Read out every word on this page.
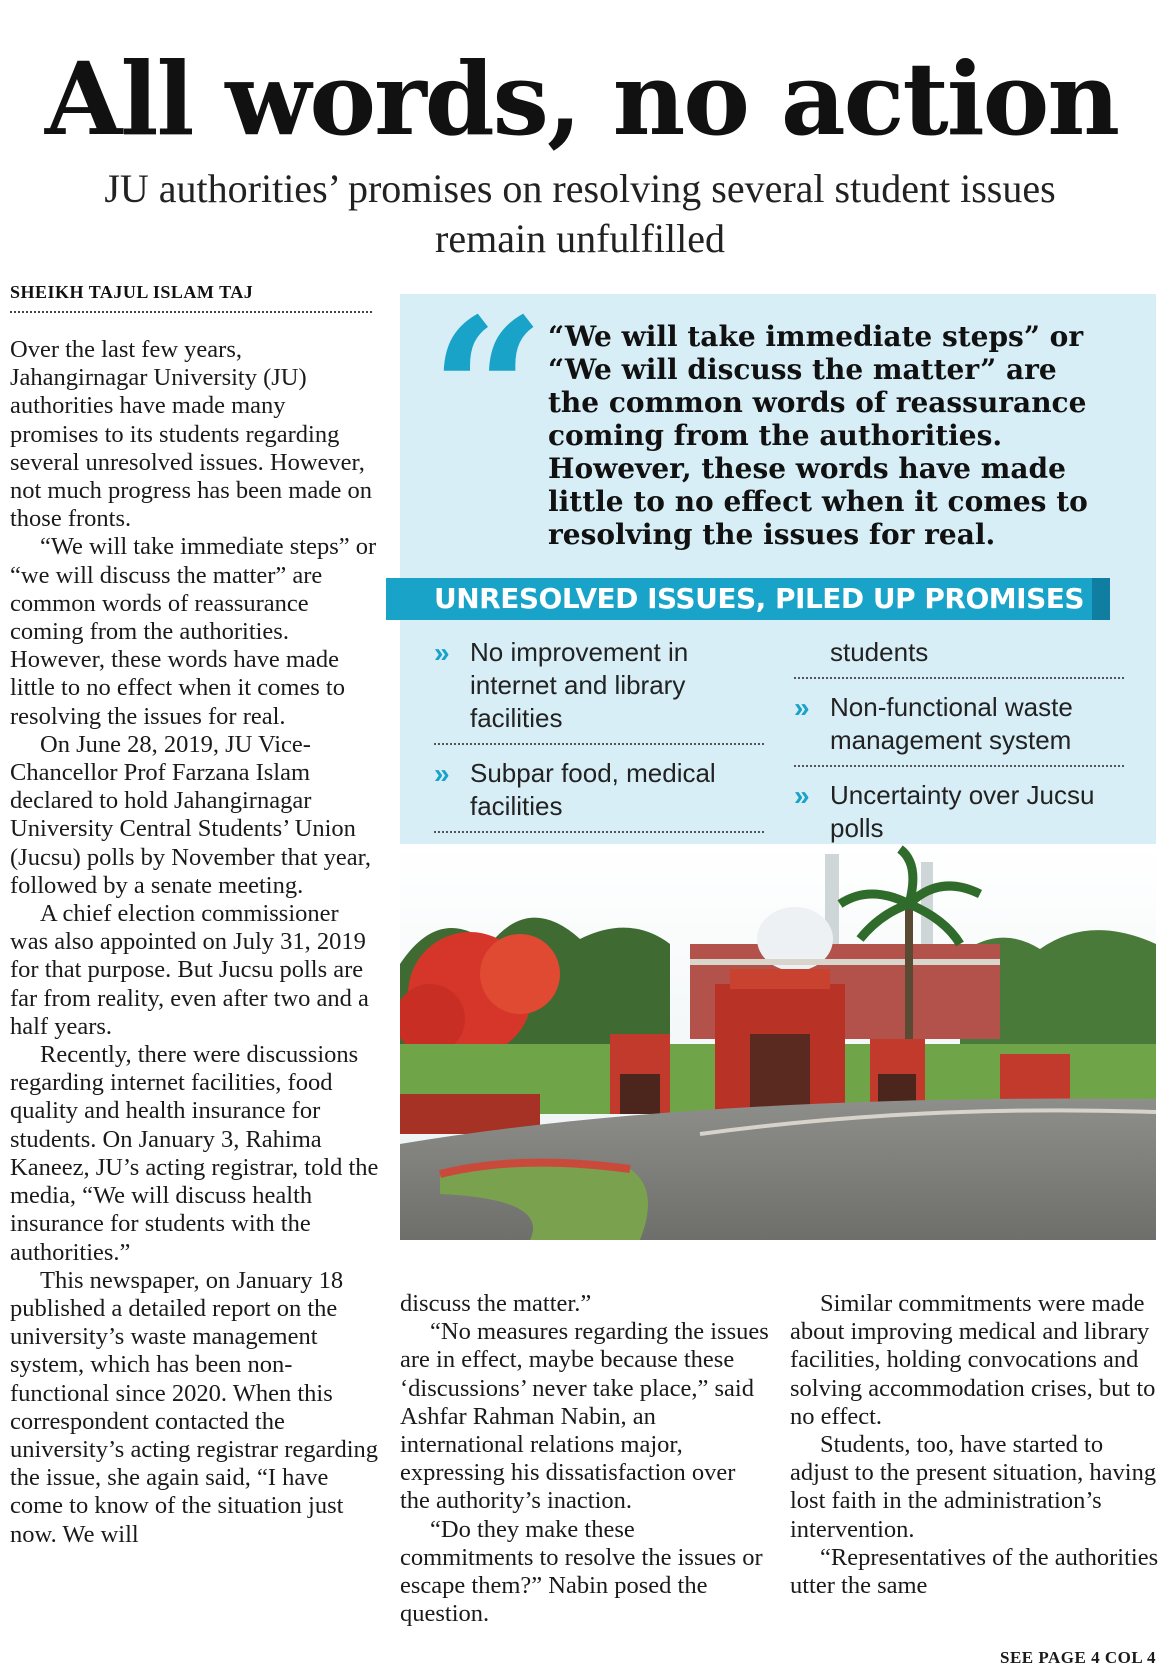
All words, no action
JU authorities’ promises on resolving several student issues remain unfulfilled
SHEIKH TAJUL ISLAM TAJ

Over the last few years, Jahangirnagar University (JU) authorities have made many promises to its students regarding several unresolved issues. However, not much progress has been made on those fronts.

“We will take immediate steps” or “we will discuss the matter” are common words of reassurance coming from the authorities. However, these words have made little to no effect when it comes to resolving the issues for real.

On June 28, 2019, JU Vice-Chancellor Prof Farzana Islam declared to hold Jahangirnagar University Central Students’ Union (Jucsu) polls by November that year, followed by a senate meeting.

A chief election commissioner was also appointed on July 31, 2019 for that purpose. But Jucsu polls are far from reality, even after two and a half years.

Recently, there were discussions regarding internet facilities, food quality and health insurance for students. On January 3, Rahima Kaneez, JU’s acting registrar, told the media, “We will discuss health insurance for students with the authorities.”

This newspaper, on January 18 published a detailed report on the university’s waste management system, which has been non-functional since 2020. When this correspondent contacted the university’s acting registrar regarding the issue, she again said, “I have come to know of the situation just now. We will

“ “We will take immediate steps” or “We will discuss the matter” are the common words of reassurance coming from the authorities. However, these words have made little to no effect when it comes to resolving the issues for real.
UNRESOLVED ISSUES, PILED UP PROMISES
» No improvement in internet and library facilities
» Subpar food, medical facilities
students
» Non-functional waste management system
» Uncertainty over Jucsu polls

discuss the matter.”

“No measures regarding the issues are in effect, maybe because these ‘discussions’ never take place,” said Ashfar Rahman Nabin, an international relations major, expressing his dissatisfaction over the authority’s inaction.

“Do they make these commitments to resolve the issues or escape them?” Nabin posed the question.

Similar commitments were made about improving medical and library facilities, holding convocations and solving accommodation crises, but to no effect.

Students, too, have started to adjust to the present situation, having lost faith in the administration’s intervention.

“Representatives of the authorities utter the same

SEE PAGE 4 COL 4
